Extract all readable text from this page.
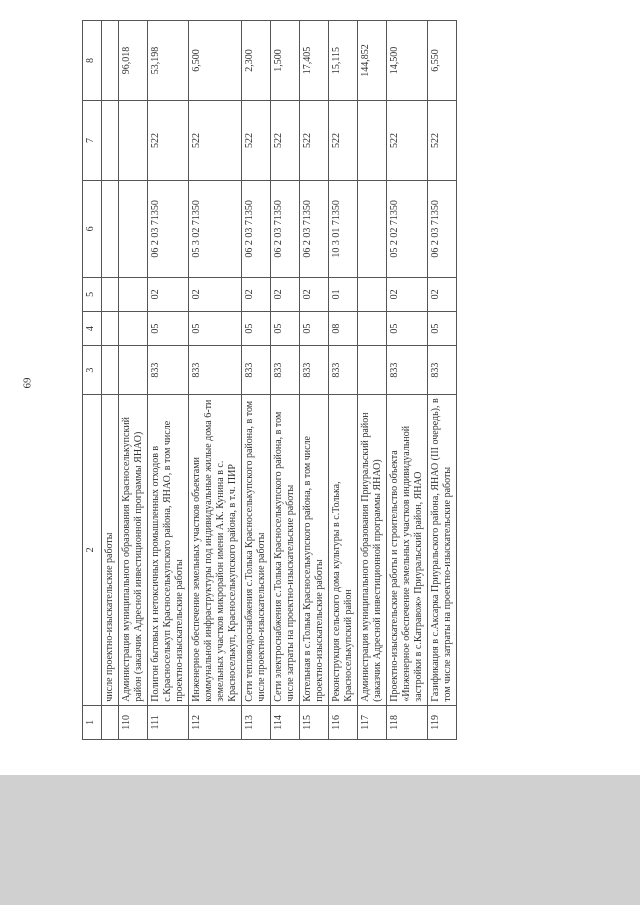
69
1	2	3	4	5	6	7	8
	числе проектно-изыскательские работы						
110	Администрация муниципального образования Красноселькупский район (заказчик Адресной инвестиционной программы ЯНАО)						96,018
111	Полигон бытовых и нетоксичных промышленных отходов в с.Красноселькуп Красноселькупского района, ЯНАО, в том числе проектно-изыскательские работы	833	05	02	06 2 03 71350	522	53,198
112	Инженерное обеспечение земельных участков объектами коммунальной инфраструктуры под индивидуальные жилые дома 6-ти земельных участков микрорайон имени А.К. Кунина в с. Красноселькуп, Красноселькупского района, в т.ч. ПИР	833	05	02	05 3 02 71350	522	6,500
113	Сети тепловодоснабжения с.Толька Красноселькупского района, в том числе проектно-изыскательские работы	833	05	02	06 2 03 71350	522	2,300
114	Сети электроснабжения с.Толька Красноселькупского района, в том числе затраты на проектно-изыскательские работы	833	05	02	06 2 03 71350	522	1,500
115	Котельная в с.Толька Красноселькупского района, в том числе проектно-изыскательские работы	833	05	02	06 2 03 71350	522	17,405
116	Реконструкция сельского дома культуры в с.Толька, Красноселькупский район	833	08	01	10 3 01 71350	522	15,115
117	Администрация муниципального образования Приуральский район (заказчик Адресной инвестиционной программы ЯНАО)						144,852
118	Проектно-изыскательские работы и строительство объекта «Инженерное обеспечение земельных участков индивидуальной застройки в с.Катравож» Приуральский район, ЯНАО	833	05	02	05 2 02 71350	522	14,500
119	Газификация в с.Аксарка Приуральского района, ЯНАО (III очередь), в том числе затраты на проектно-изыскательские работы	833	05	02	06 2 03 71350	522	6,550
